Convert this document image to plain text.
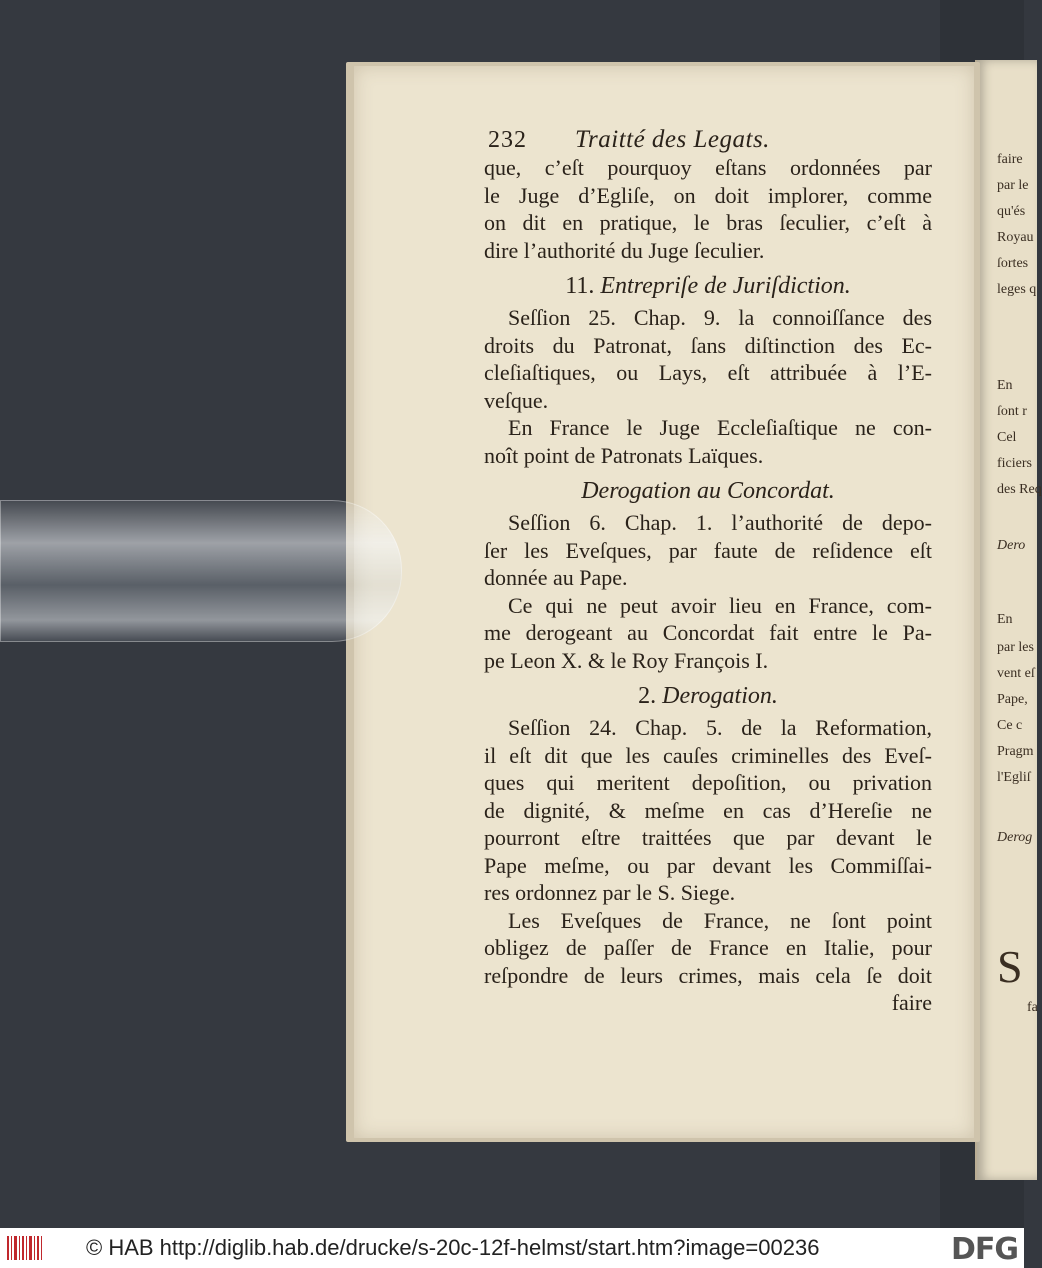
faire
par le
qu'és
Royau
ſortes
leges q
En
ſont r
Cel
ficiers
des Req
Dero
En
par les
vent eſ
Pape,
Ce c
Pragm
l'Egliſ
Derog
S
fa
232 Traitté des Legats.
que, c’eſt pourquoy eſtans ordonnées par
le Juge d’Egliſe, on doit implorer, comme
on dit en pratique, le bras ſeculier, c’eſt à
dire l’authorité du Juge ſeculier.
11. Entrepriſe de Juriſdiction.
Seſſion 25. Chap. 9. la connoiſſance des
droits du Patronat, ſans diſtinction des Ec-
cleſiaſtiques, ou Lays, eſt attribuée à l’E-
veſque.
En France le Juge Eccleſiaſtique ne con-
noît point de Patronats Laïques.
Derogation au Concordat.
Seſſion 6. Chap. 1. l’authorité de depo-
ſer les Eveſques, par faute de reſidence eſt
donnée au Pape.
Ce qui ne peut avoir lieu en France, com-
me derogeant au Concordat fait entre le Pa-
pe Leon X. & le Roy François I.
2. Derogation.
Seſſion 24. Chap. 5. de la Reformation,
il eſt dit que les cauſes criminelles des Eveſ-
ques qui meritent depoſition, ou privation
de dignité, & meſme en cas d’Hereſie ne
pourront eſtre traittées que par devant le
Pape meſme, ou par devant les Commiſſai-
res ordonnez par le S. Siege.
Les Eveſques de France, ne ſont point
obligez de paſſer de France en Italie, pour
reſpondre de leurs crimes, mais cela ſe doit
faire
© HAB http://diglib.hab.de/drucke/s-20c-12f-helmst/start.htm?image=00236	DFG
